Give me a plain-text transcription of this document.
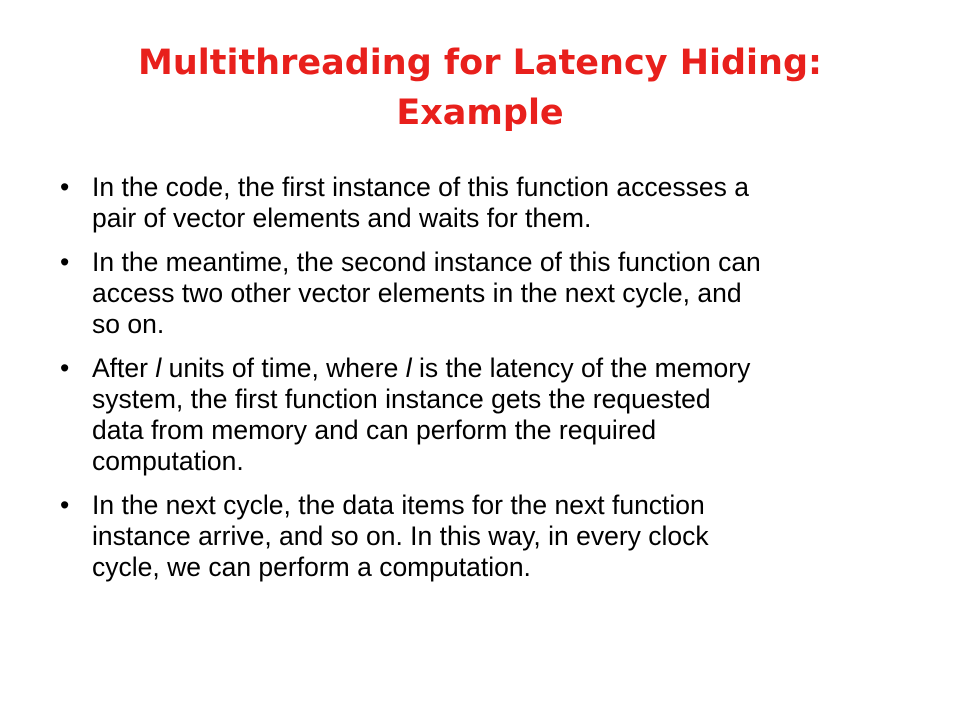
Multithreading for Latency Hiding:
Example
• In the code, the first instance of this function accesses a
pair of vector elements and waits for them.
• In the meantime, the second instance of this function can
access two other vector elements in the next cycle, and
so on.
• After l units of time, where l is the latency of the memory
system, the first function instance gets the requested
data from memory and can perform the required
computation.
• In the next cycle, the data items for the next function
instance arrive, and so on. In this way, in every clock
cycle, we can perform a computation.
